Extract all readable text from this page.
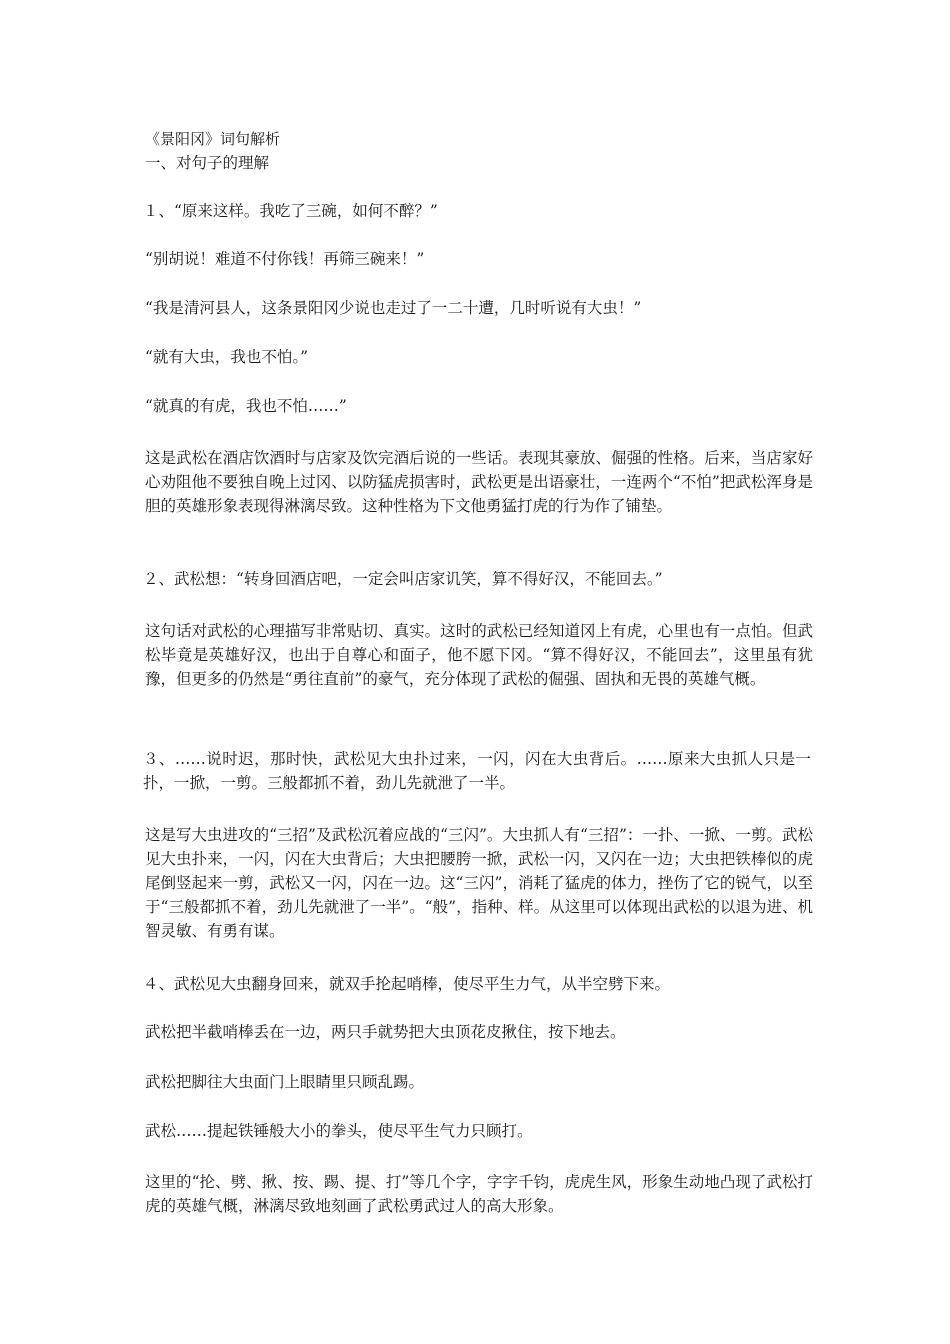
《景阳冈》词句解析
一、对句子的理解
１、“原来这样。我吃了三碗，如何不醉？”
“别胡说！难道不付你钱！再筛三碗来！”
“我是清河县人，这条景阳冈少说也走过了一二十遭，几时听说有大虫！”
“就有大虫，我也不怕。”
“就真的有虎，我也不怕……”
这是武松在酒店饮酒时与店家及饮完酒后说的一些话。表现其豪放、倔强的性格。后来，当店家好心劝阻他不要独自晚上过冈、以防猛虎损害时，武松更是出语豪壮，一连两个“不怕”把武松浑身是胆的英雄形象表现得淋漓尽致。这种性格为下文他勇猛打虎的行为作了铺垫。
２、武松想：“转身回酒店吧，一定会叫店家讥笑，算不得好汉，不能回去。”
这句话对武松的心理描写非常贴切、真实。这时的武松已经知道冈上有虎，心里也有一点怕。但武松毕竟是英雄好汉，也出于自尊心和面子，他不愿下冈。“算不得好汉，不能回去”，这里虽有犹豫，但更多的仍然是“勇往直前”的豪气，充分体现了武松的倔强、固执和无畏的英雄气概。
３、……说时迟，那时快，武松见大虫扑过来，一闪，闪在大虫背后。……原来大虫抓人只是一扑，一掀，一剪。三般都抓不着，劲儿先就泄了一半。
这是写大虫进攻的“三招”及武松沉着应战的“三闪”。大虫抓人有“三招”：一扑、一掀、一剪。武松见大虫扑来，一闪，闪在大虫背后；大虫把腰胯一掀，武松一闪，又闪在一边；大虫把铁棒似的虎尾倒竖起来一剪，武松又一闪，闪在一边。这“三闪”，消耗了猛虎的体力，挫伤了它的锐气，以至于“三般都抓不着，劲儿先就泄了一半”。“般”，指种、样。从这里可以体现出武松的以退为进、机智灵敏、有勇有谋。
４、武松见大虫翻身回来，就双手抡起哨棒，使尽平生力气，从半空劈下来。
武松把半截哨棒丢在一边，两只手就势把大虫顶花皮揪住，按下地去。
武松把脚往大虫面门上眼睛里只顾乱踢。
武松……提起铁锤般大小的拳头，使尽平生气力只顾打。
这里的“抡、劈、揪、按、踢、提、打”等几个字，字字千钧，虎虎生风，形象生动地凸现了武松打虎的英雄气概，淋漓尽致地刻画了武松勇武过人的高大形象。
